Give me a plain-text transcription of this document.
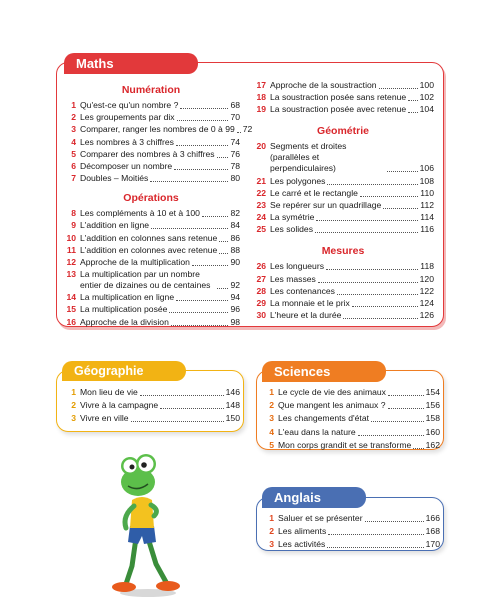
Maths
Numération
1 Qu'est-ce qu'un nombre ?	68
2 Les groupements par dix	70
3 Comparer, ranger les nombres de 0 à 99 72
4 Les nombres à 3 chiffres	74
5 Comparer des nombres à 3 chiffres 76
6 Décomposer un nombre	78
7 Doubles – Moitiés	80
Opérations
8 Les compléments à 10 et à 100	82
9 L'addition en ligne	84
10 L'addition en colonnes sans retenue 86
11 L'addition en colonnes avec retenue 88
12 Approche de la multiplication	90
13 La multiplication par un nombre entier de dizaines ou de centaines	92
14 La multiplication en ligne	94
15 La multiplication posée	96
16 Approche de la division	98
17 Approche de la soustraction	100
18 La soustraction posée sans retenue 102
19 La soustraction posée avec retenue 104
Géométrie
20 Segments et droites (parallèles et perpendiculaires)	106
21 Les polygones	108
22 Le carré et le rectangle	110
23 Se repérer sur un quadrillage	112
24 La symétrie	114
25 Les solides	116
Mesures
26 Les longueurs	118
27 Les masses	120
28 Les contenances	122
29 La monnaie et le prix	124
30 L'heure et la durée	126
Géographie
1 Mon lieu de vie	146
2 Vivre à la campagne	148
3 Vivre en ville	150
Sciences
1 Le cycle de vie des animaux	154
2 Que mangent les animaux ?	156
3 Les changements d'état	158
4 L'eau dans la nature	160
5 Mon corps grandit et se transforme 162
Anglais
1 Saluer et se présenter	166
2 Les aliments	168
3 Les activités	170
